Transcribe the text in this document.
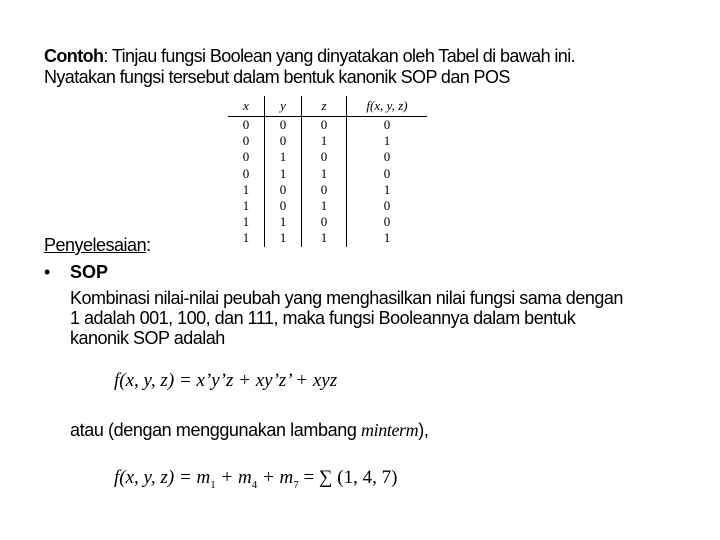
Contoh: Tinjau fungsi Boolean yang dinyatakan oleh Tabel di bawah ini.
Nyatakan fungsi tersebut dalam bentuk kanonik SOP dan POS
x	y	z	f(x, y, z)
0	0	0	0
0	0	1	1
0	1	0	0
0	1	1	0
1	0	0	1
1	0	1	0
1	1	0	0
1	1	1	1
Penyelesaian:
• SOP
Kombinasi nilai-nilai peubah yang menghasilkan nilai fungsi sama dengan
1 adalah 001, 100, dan 111, maka fungsi Booleannya dalam bentuk
kanonik SOP adalah
f(x, y, z) = x’y’z + xy’z’ + xyz
atau (dengan menggunakan lambang minterm),
f(x, y, $z) = m_1 + m_4 + m_7$ = ∑ (1, 4, 7)
